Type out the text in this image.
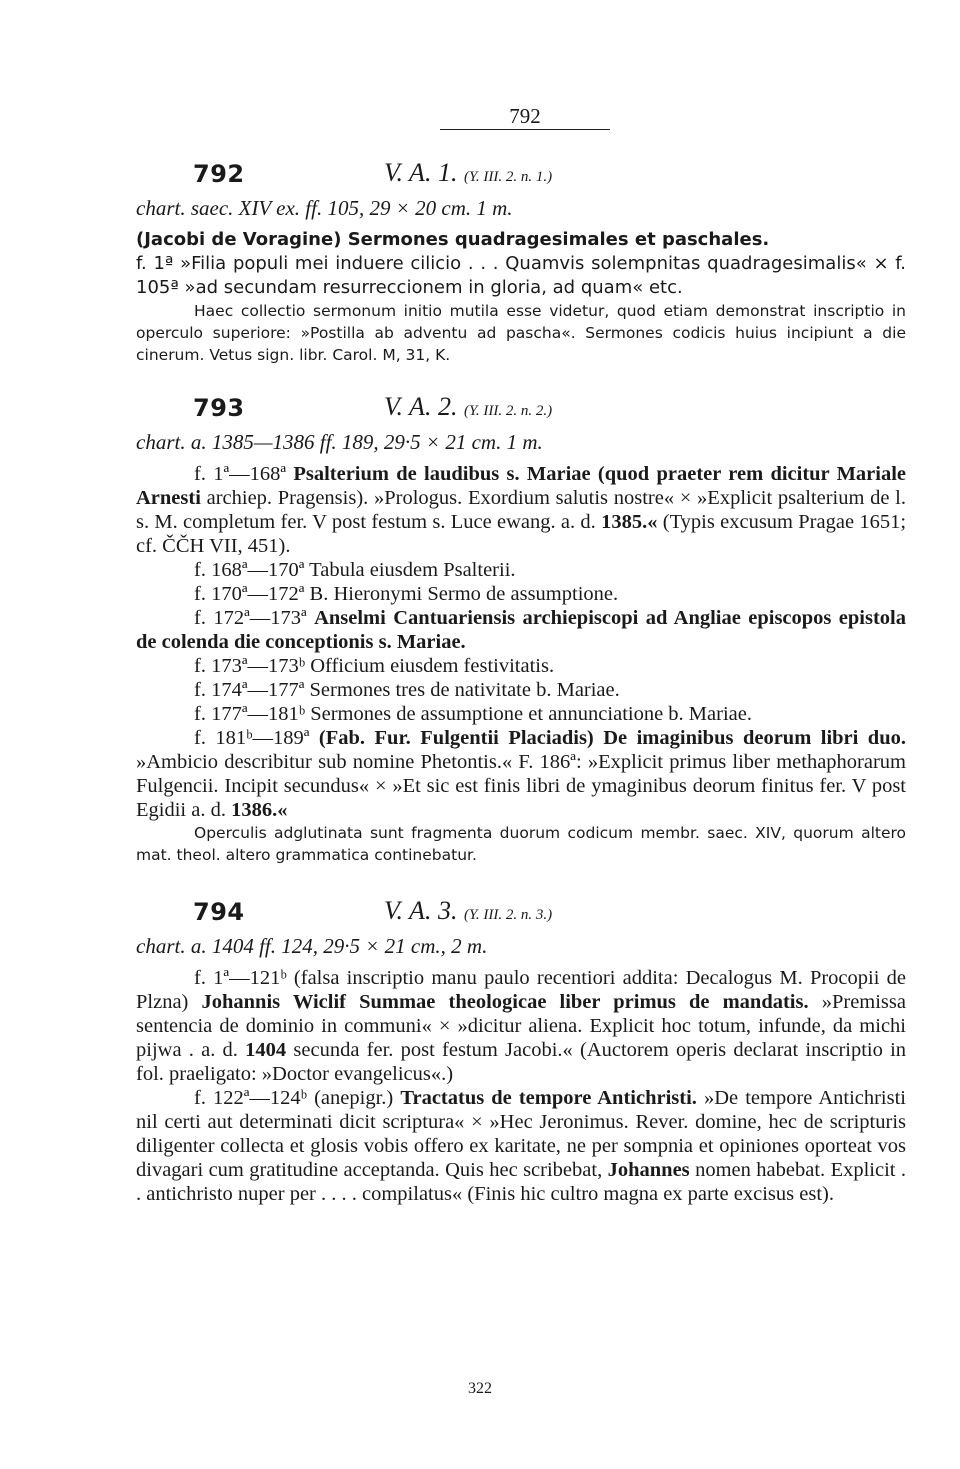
792
792	V. A. 1. (Y. III. 2. n. 1.)
chart. saec. XIV ex. ff. 105, 29 × 20 cm. 1 m.

(Jacobi de Voragine) Sermones quadragesimales et paschales.

f. 1ª »Filia populi mei induere cilicio . . . Quamvis solempnitas quadragesimalis« × f. 105ª »ad secundam resurreccionem in gloria, ad quam« etc.

Haec collectio sermonum initio mutila esse videtur, quod etiam demonstrat inscriptio in operculo superiore: »Postilla ab adventu ad pascha«. Sermones codicis huius incipiunt a die cinerum. Vetus sign. libr. Carol. M, 31, K.

793	V. A. 2. (Y. III. 2. n. 2.)
chart. a. 1385—1386 ff. 189, 29·5 × 21 cm. 1 m.

f. 1ª—168ª Psalterium de laudibus s. Mariae (quod praeter rem dicitur Mariale Arnesti archiep. Pragensis). »Prologus. Exordium salutis nostre« × »Explicit psalterium de l. s. M. completum fer. V post festum s. Luce ewang. a. d. 1385.« (Typis excusum Pragae 1651; cf. ČČH VII, 451).

f. 168ª—170ª Tabula eiusdem Psalterii.

f. 170ª—172ª B. Hieronymi Sermo de assumptione.

f. 172ª—173ª Anselmi Cantuariensis archiepiscopi ad Angliae episcopos epistola de colenda die conceptionis s. Mariae.

f. 173ª—173ᵇ Officium eiusdem festivitatis.

f. 174ª—177ª Sermones tres de nativitate b. Mariae.

f. 177ª—181ᵇ Sermones de assumptione et annunciatione b. Mariae.

f. 181ᵇ—189ª (Fab. Fur. Fulgentii Placiadis) De imaginibus deorum libri duo. »Ambicio describitur sub nomine Phetontis.« F. 186ª: »Explicit primus liber methaphorarum Fulgencii. Incipit secundus« × »Et sic est finis libri de ymaginibus deorum finitus fer. V post Egidii a. d. 1386.«

Operculis adglutinata sunt fragmenta duorum codicum membr. saec. XIV, quorum altero mat. theol. altero grammatica continebatur.

794	V. A. 3. (Y. III. 2. n. 3.)
chart. a. 1404 ff. 124, 29·5 × 21 cm., 2 m.

f. 1ª—121ᵇ (falsa inscriptio manu paulo recentiori addita: Decalogus M. Procopii de Plzna) Johannis Wiclif Summae theologicae liber primus de mandatis. »Premissa sentencia de dominio in communi« × »dicitur aliena. Explicit hoc totum, infunde, da michi pijwa . a. d. 1404 secunda fer. post festum Jacobi.« (Auctorem operis declarat inscriptio in fol. praeligato: »Doctor evangelicus«.)

f. 122ª—124ᵇ (anepigr.) Tractatus de tempore Antichristi. »De tempore Antichristi nil certi aut determinati dicit scriptura« × »Hec Jeronimus. Rever. domine, hec de scripturis diligenter collecta et glosis vobis offero ex karitate, ne per sompnia et opiniones oporteat vos divagari cum gratitudine acceptanda. Quis hec scribebat, Johannes nomen habebat. Explicit . . antichristo nuper per . . . . compilatus« (Finis hic cultro magna ex parte excisus est).

322
